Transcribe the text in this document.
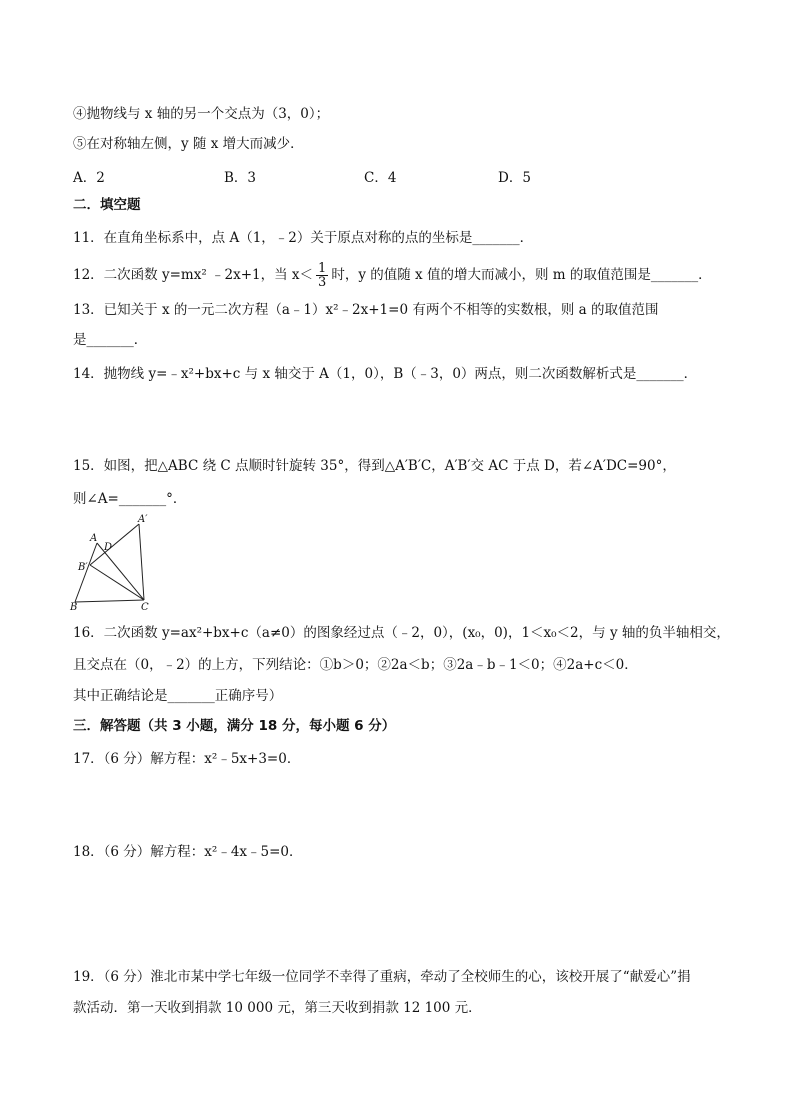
④抛物线与 x 轴的另一个交点为（3，0）；
⑤在对称轴左侧，y 随 x 增大而减少．
A．2	B．3	C．4	D．5
二．填空题
11．在直角坐标系中，点 A（1，﹣2）关于原点对称的点的坐标是_______．
12．二次函数 y=mx² ﹣2x+1，当 $x< \frac{1}{3}$ 时，y 的值随 x 值的增大而减小，则 m 的取值范围是_______．
13．已知关于 x 的一元二次方程（a﹣1）x²﹣2x+1=0 有两个不相等的实数根，则 a 的取值范围
是_______．
14．抛物线 y=﹣x²+bx+c 与 x 轴交于 A（1，0），B（﹣3，0）两点，则二次函数解析式是_______．
15．如图，把△ABC 绕 C 点顺时针旋转 35°，得到△A′B′C，A′B′交 AC 于点 D，若∠A′DC=90°，
则∠A=_______°．
A′
A
D
B′
B	C
16．二次函数 y=ax²+bx+c（a≠0）的图象经过点（﹣2，0），(x₀，0)，1＜x₀＜2，与 y 轴的负半轴相交，
且交点在（0，﹣2）的上方，下列结论：①b＞0；②2a＜b；③2a﹣b﹣1＜0；④2a+c＜0．
其中正确结论是_______正确序号）
三．解答题（共 3 小题，满分 18 分，每小题 6 分）
17．（6 分）解方程：x²﹣5x+3=0．
18．（6 分）解方程：x²﹣4x﹣5=0．
19．（6 分）淮北市某中学七年级一位同学不幸得了重病，牵动了全校师生的心，该校开展了“献爱心”捐
款活动．第一天收到捐款 10 000 元，第三天收到捐款 12 100 元．
